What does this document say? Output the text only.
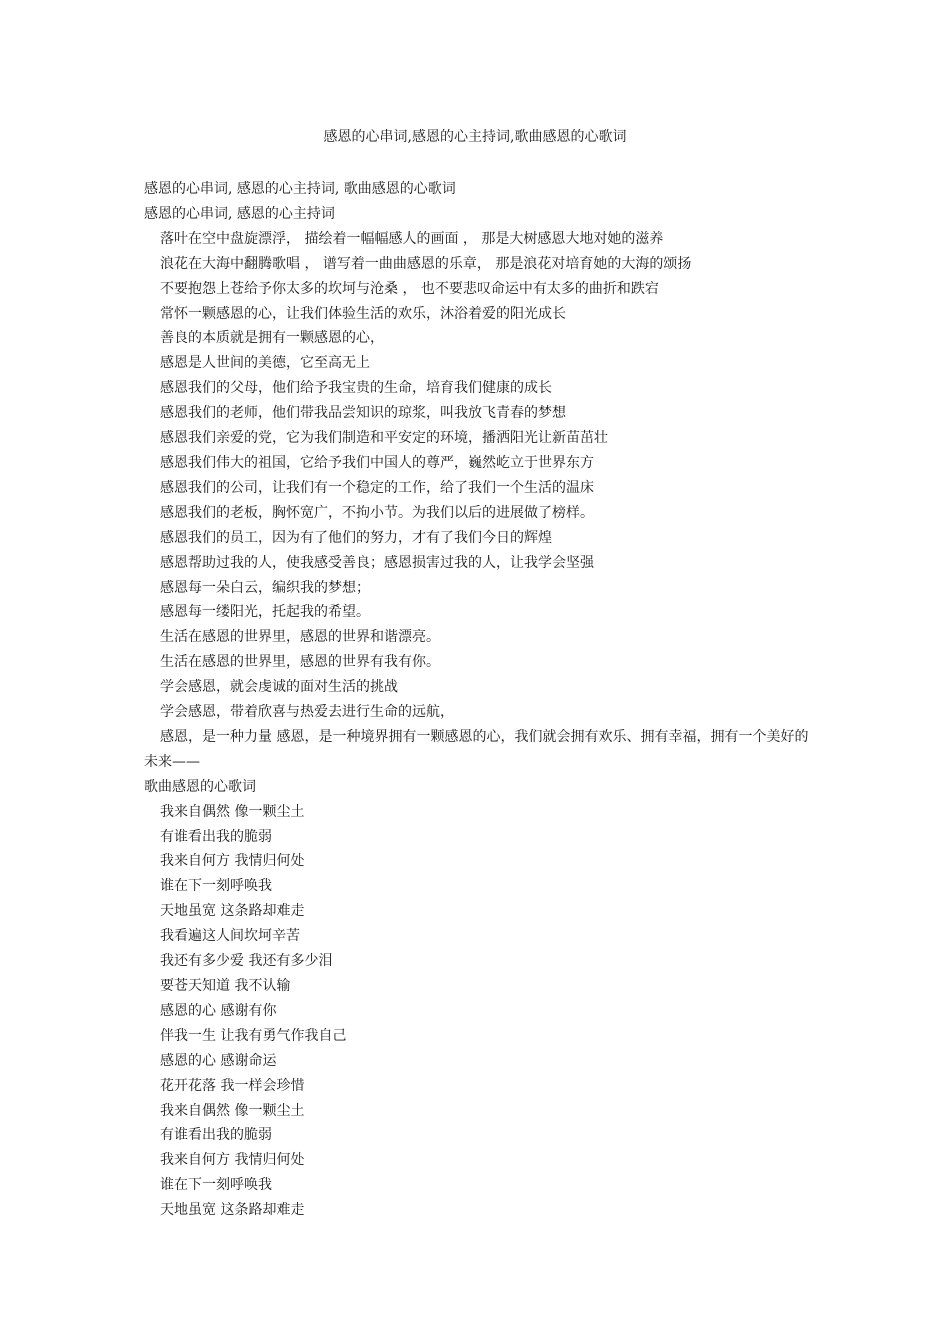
感恩的心串词,感恩的心主持词,歌曲感恩的心歌词
感恩的心串词, 感恩的心主持词, 歌曲感恩的心歌词
感恩的心串词, 感恩的心主持词
落叶在空中盘旋漂浮， 描绘着一幅幅感人的画面 ， 那是大树感恩大地对她的滋养
浪花在大海中翻腾歌唱 ， 谱写着一曲曲感恩的乐章， 那是浪花对培育她的大海的颂扬
不要抱怨上苍给予你太多的坎坷与沧桑 ， 也不要悲叹命运中有太多的曲折和跌宕
常怀一颗感恩的心，让我们体验生活的欢乐，沐浴着爱的阳光成长
善良的本质就是拥有一颗感恩的心，
感恩是人世间的美德，它至高无上
感恩我们的父母，他们给予我宝贵的生命，培育我们健康的成长
感恩我们的老师，他们带我品尝知识的琼浆，叫我放飞青春的梦想
感恩我们亲爱的党，它为我们制造和平安定的环境，播洒阳光让新苗茁壮
感恩我们伟大的祖国，它给予我们中国人的尊严，巍然屹立于世界东方
感恩我们的公司，让我们有一个稳定的工作，给了我们一个生活的温床
感恩我们的老板，胸怀宽广，不拘小节。为我们以后的进展做了榜样。
感恩我们的员工，因为有了他们的努力，才有了我们今日的辉煌
感恩帮助过我的人，使我感受善良；感恩损害过我的人，让我学会坚强
感恩每一朵白云，编织我的梦想；
感恩每一缕阳光，托起我的希望。
生活在感恩的世界里，感恩的世界和谐漂亮。
生活在感恩的世界里，感恩的世界有我有你。
学会感恩，就会虔诚的面对生活的挑战
学会感恩，带着欣喜与热爱去进行生命的远航，
感恩，是一种力量 感恩，是一种境界拥有一颗感恩的心，我们就会拥有欢乐、拥有幸福，拥有一个美好的未来——
歌曲感恩的心歌词
我来自偶然 像一颗尘土
有谁看出我的脆弱
我来自何方 我情归何处
谁在下一刻呼唤我
天地虽宽 这条路却难走
我看遍这人间坎坷辛苦
我还有多少爱 我还有多少泪
要苍天知道 我不认输
感恩的心 感谢有你
伴我一生 让我有勇气作我自己
感恩的心 感谢命运
花开花落 我一样会珍惜
我来自偶然 像一颗尘土
有谁看出我的脆弱
我来自何方 我情归何处
谁在下一刻呼唤我
天地虽宽 这条路却难走
